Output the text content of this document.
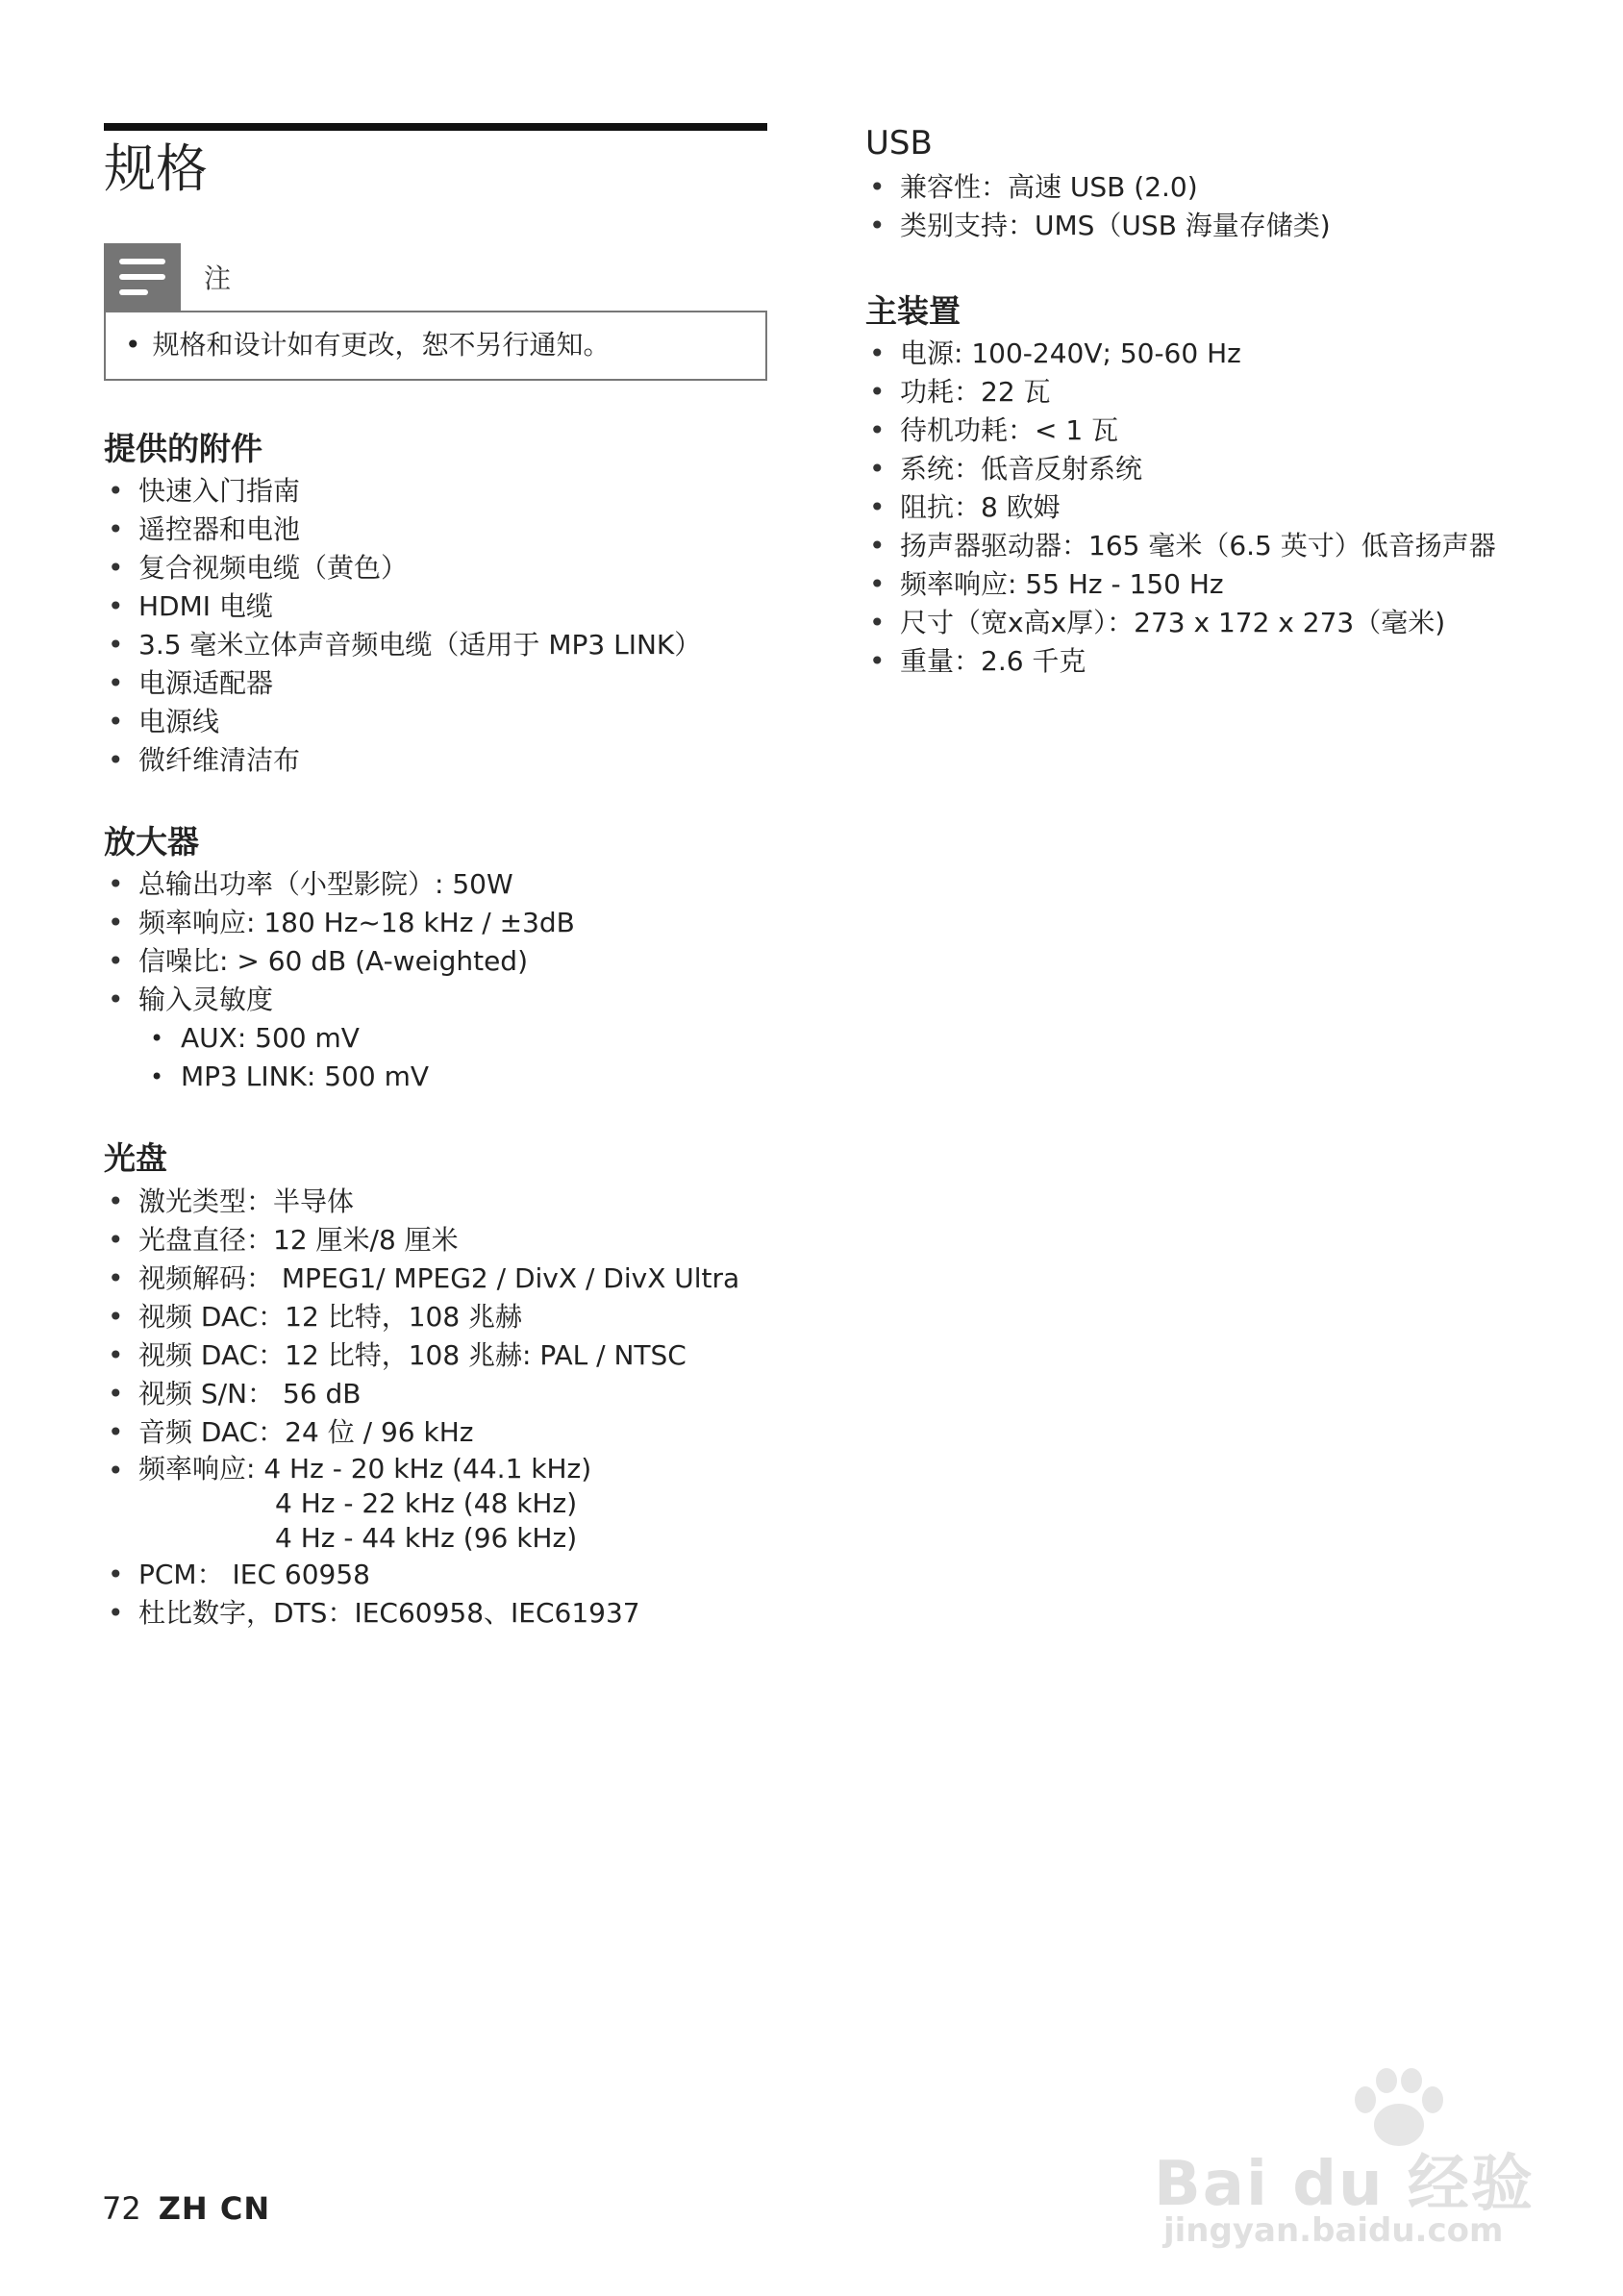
规格
注
• 规格和设计如有更改，恕不另行通知。
提供的附件
• 快速入门指南
• 遥控器和电池
• 复合视频电缆（黄色）
• HDMI 电缆
• 3.5 毫米立体声音频电缆（适用于 MP3 LINK）
• 电源适配器
• 电源线
• 微纤维清洁布
放大器
• 总输出功率（小型影院）: 50W
• 频率响应: 180 Hz~18 kHz / ±3dB
• 信噪比: > 60 dB (A-weighted)
• 输入灵敏度
• AUX: 500 mV
• MP3 LINK: 500 mV
光盘
• 激光类型：半导体
• 光盘直径：12 厘米/8 厘米
• 视频解码： MPEG1/ MPEG2 / DivX / DivX Ultra
• 视频 DAC：12 比特，108 兆赫
• 视频 DAC：12 比特，108 兆赫: PAL / NTSC
• 视频 S/N： 56 dB
• 音频 DAC：24 位 / 96 kHz
• 频率响应: 4 Hz - 20 kHz (44.1 kHz)
4 Hz - 22 kHz (48 kHz)
4 Hz - 44 kHz (96 kHz)
• PCM： IEC 60958
• 杜比数字，DTS：IEC60958、IEC61937
USB
• 兼容性：高速 USB (2.0)
• 类别支持：UMS（USB 海量存储类)
主装置
• 电源: 100-240V; 50-60 Hz
• 功耗：22 瓦
• 待机功耗：< 1 瓦
• 系统：低音反射系统
• 阻抗：8 欧姆
• 扬声器驱动器：165 毫米（6.5 英寸）低音扬声器
• 频率响应: 55 Hz - 150 Hz
• 尺寸（宽x高x厚）：273 x 172 x 273（毫米)
• 重量：2.6 千克
72 ZH CN	Bai du 经验
jingyan.baidu.com
